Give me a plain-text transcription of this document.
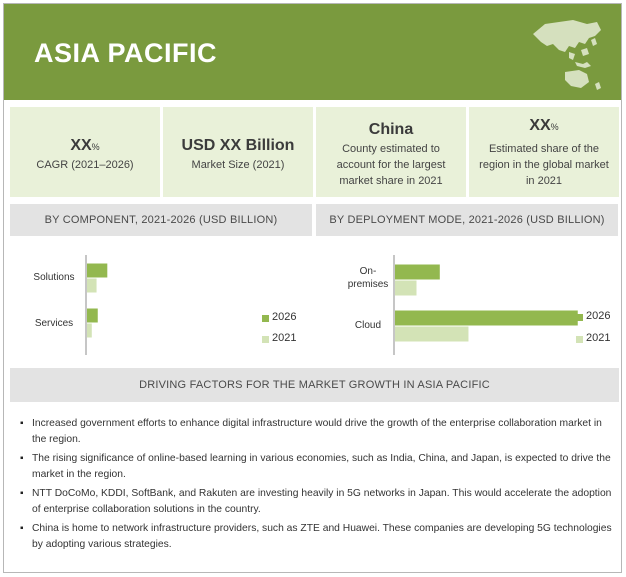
ASIA PACIFIC
XX%
CAGR (2021–2026)
USD XX Billion
Market Size (2021)
China
County estimated to account for the largest market share in 2021
XX%
Estimated share of the region in the global market in 2021
BY COMPONENT, 2021-2026 (USD BILLION)	BY DEPLOYMENT MODE, 2021-2026 (USD BILLION)
Solutions
Services
2026
2021
On-
premises
Cloud
2026
2021
DRIVING FACTORS FOR THE MARKET GROWTH IN ASIA PACIFIC
▪ Increased government efforts to enhance digital infrastructure would drive the growth of the enterprise collaboration market in the region.
▪ The rising significance of online-based learning in various economies, such as India, China, and Japan, is expected to drive the market in the region.
▪ NTT DoCoMo, KDDI, SoftBank, and Rakuten are investing heavily in 5G networks in Japan. This would accelerate the adoption of enterprise collaboration solutions in the country.
▪ China is home to network infrastructure providers, such as ZTE and Huawei. These companies are developing 5G technologies by adopting various strategies.
